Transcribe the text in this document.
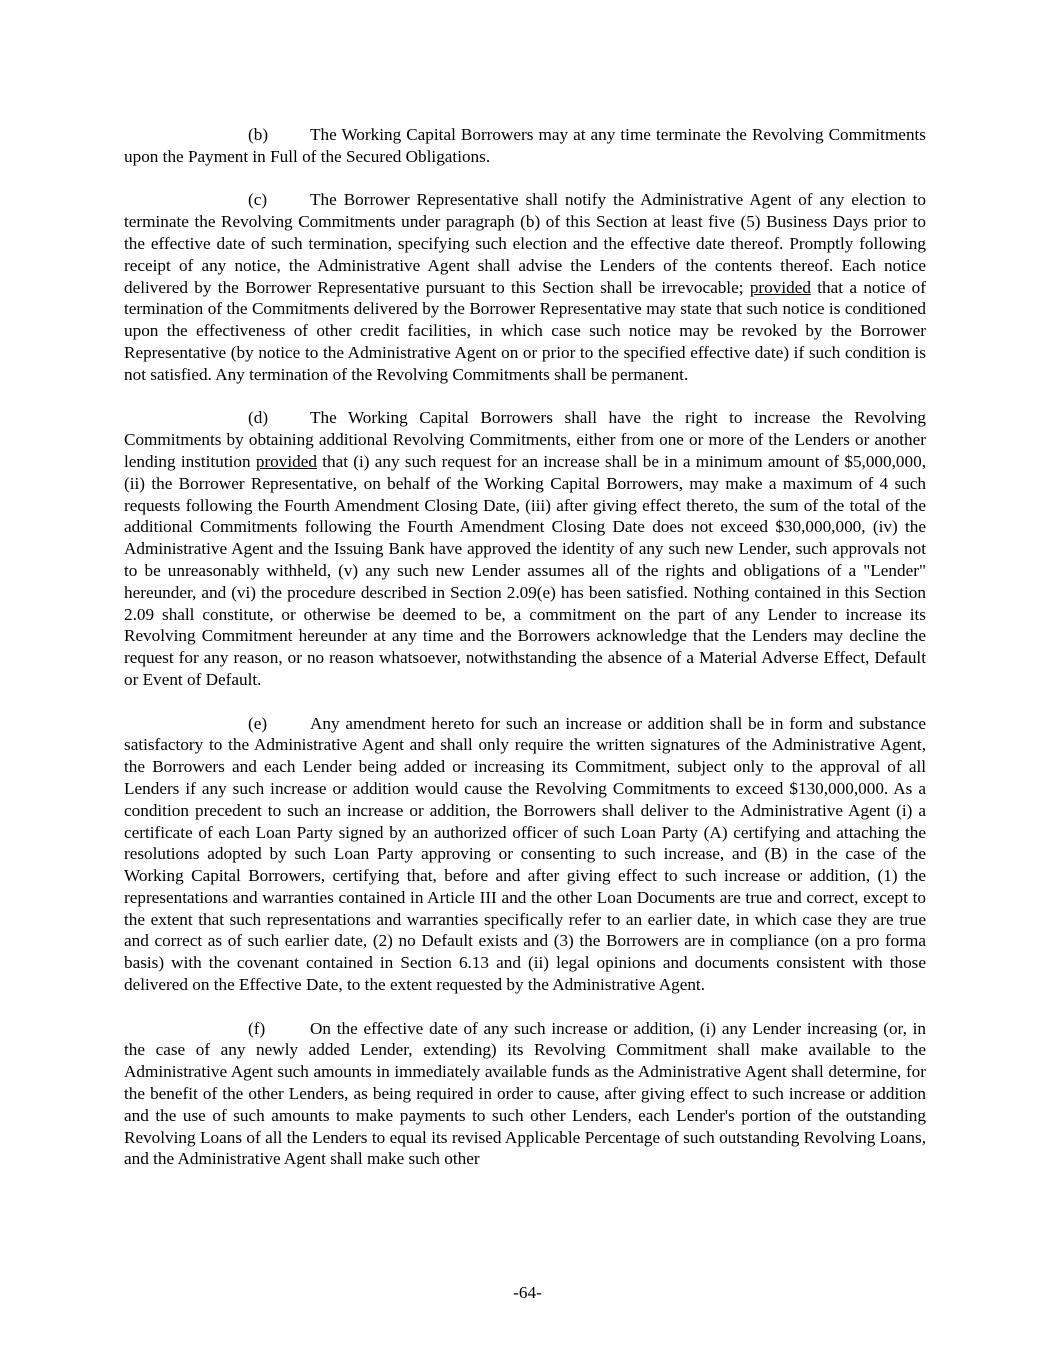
(b) The Working Capital Borrowers may at any time terminate the Revolving Commitments upon the Payment in Full of the Secured Obligations.

(c) The Borrower Representative shall notify the Administrative Agent of any election to terminate the Revolving Commitments under paragraph (b) of this Section at least five (5) Business Days prior to the effective date of such termination, specifying such election and the effective date thereof. Promptly following receipt of any notice, the Administrative Agent shall advise the Lenders of the contents thereof. Each notice delivered by the Borrower Representative pursuant to this Section shall be irrevocable; provided that a notice of termination of the Commitments delivered by the Borrower Representative may state that such notice is conditioned upon the effectiveness of other credit facilities, in which case such notice may be revoked by the Borrower Representative (by notice to the Administrative Agent on or prior to the specified effective date) if such condition is not satisfied. Any termination of the Revolving Commitments shall be permanent.

(d) The Working Capital Borrowers shall have the right to increase the Revolving Commitments by obtaining additional Revolving Commitments, either from one or more of the Lenders or another lending institution provided that (i) any such request for an increase shall be in a minimum amount of $5,000,000, (ii) the Borrower Representative, on behalf of the Working Capital Borrowers, may make a maximum of 4 such requests following the Fourth Amendment Closing Date, (iii) after giving effect thereto, the sum of the total of the additional Commitments following the Fourth Amendment Closing Date does not exceed $30,000,000, (iv) the Administrative Agent and the Issuing Bank have approved the identity of any such new Lender, such approvals not to be unreasonably withheld, (v) any such new Lender assumes all of the rights and obligations of a "Lender" hereunder, and (vi) the procedure described in Section 2.09(e) has been satisfied. Nothing contained in this Section 2.09 shall constitute, or otherwise be deemed to be, a commitment on the part of any Lender to increase its Revolving Commitment hereunder at any time and the Borrowers acknowledge that the Lenders may decline the request for any reason, or no reason whatsoever, notwithstanding the absence of a Material Adverse Effect, Default or Event of Default.

(e) Any amendment hereto for such an increase or addition shall be in form and substance satisfactory to the Administrative Agent and shall only require the written signatures of the Administrative Agent, the Borrowers and each Lender being added or increasing its Commitment, subject only to the approval of all Lenders if any such increase or addition would cause the Revolving Commitments to exceed $130,000,000. As a condition precedent to such an increase or addition, the Borrowers shall deliver to the Administrative Agent (i) a certificate of each Loan Party signed by an authorized officer of such Loan Party (A) certifying and attaching the resolutions adopted by such Loan Party approving or consenting to such increase, and (B) in the case of the Working Capital Borrowers, certifying that, before and after giving effect to such increase or addition, (1) the representations and warranties contained in Article III and the other Loan Documents are true and correct, except to the extent that such representations and warranties specifically refer to an earlier date, in which case they are true and correct as of such earlier date, (2) no Default exists and (3) the Borrowers are in compliance (on a pro forma basis) with the covenant contained in Section 6.13 and (ii) legal opinions and documents consistent with those delivered on the Effective Date, to the extent requested by the Administrative Agent.

(f)	On the effective date of any such increase or addition, (i) any Lender increasing (or, in the case of any newly added Lender, extending) its Revolving Commitment shall make available to the Administrative Agent such amounts in immediately available funds as the Administrative Agent shall determine, for the benefit of the other Lenders, as being required in order to cause, after giving effect to such increase or addition and the use of such amounts to make payments to such other Lenders, each Lender's portion of the outstanding Revolving Loans of all the Lenders to equal its revised Applicable Percentage of such outstanding Revolving Loans, and the Administrative Agent shall make such other

-64-
